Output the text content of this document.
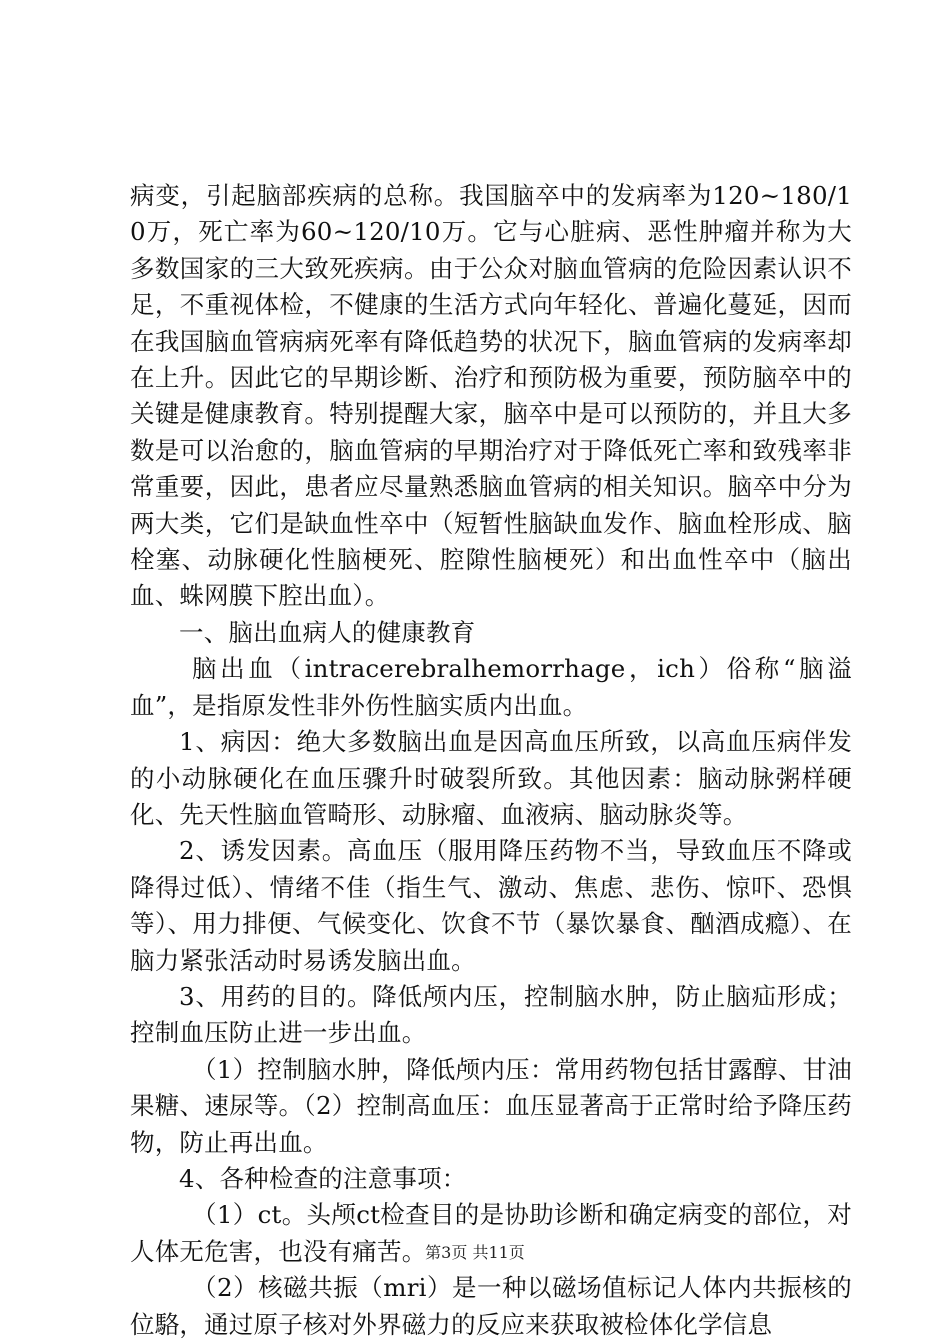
病变，引起脑部疾病的总称。我国脑卒中的发病率为120~180/10万，死亡率为60~120/10万。它与心脏病、恶性肿瘤并称为大多数国家的三大致死疾病。由于公众对脑血管病的危险因素认识不足，不重视体检，不健康的生活方式向年轻化、普遍化蔓延，因而在我国脑血管病病死率有降低趋势的状况下，脑血管病的发病率却在上升。因此它的早期诊断、治疗和预防极为重要，预防脑卒中的关键是健康教育。特别提醒大家，脑卒中是可以预防的，并且大多数是可以治愈的，脑血管病的早期治疗对于降低死亡率和致残率非常重要，因此，患者应尽量熟悉脑血管病的相关知识。脑卒中分为两大类，它们是缺血性卒中（短暂性脑缺血发作、脑血栓形成、脑栓塞、动脉硬化性脑梗死、腔隙性脑梗死）和出血性卒中（脑出血、蛛网膜下腔出血）。

一、脑出血病人的健康教育

脑出血（intracerebralhemorrhage，ich）俗称“脑溢血”，是指原发性非外伤性脑实质内出血。

1、病因：绝大多数脑出血是因高血压所致，以高血压病伴发的小动脉硬化在血压骤升时破裂所致。其他因素：脑动脉粥样硬化、先天性脑血管畸形、动脉瘤、血液病、脑动脉炎等。

2、诱发因素。高血压（服用降压药物不当，导致血压不降或降得过低）、情绪不佳（指生气、激动、焦虑、悲伤、惊吓、恐惧等）、用力排便、气候变化、饮食不节（暴饮暴食、酗酒成瘾）、在脑力紧张活动时易诱发脑出血。

3、用药的目的。降低颅内压，控制脑水肿，防止脑疝形成；控制血压防止进一步出血。

（1）控制脑水肿，降低颅内压：常用药物包括甘露醇、甘油果糖、速尿等。（2）控制高血压：血压显著高于正常时给予降压药物，防止再出血。

4、各种检查的注意事项：

（1）ct。头颅ct检查目的是协助诊断和确定病变的部位，对人体无危害，也没有痛苦。

（2）核磁共振（mri）是一种以磁场值标记人体内共振核的位駱，通过原子核对外界磁力的反应来获取被检体化学信息

第3页 共11页
